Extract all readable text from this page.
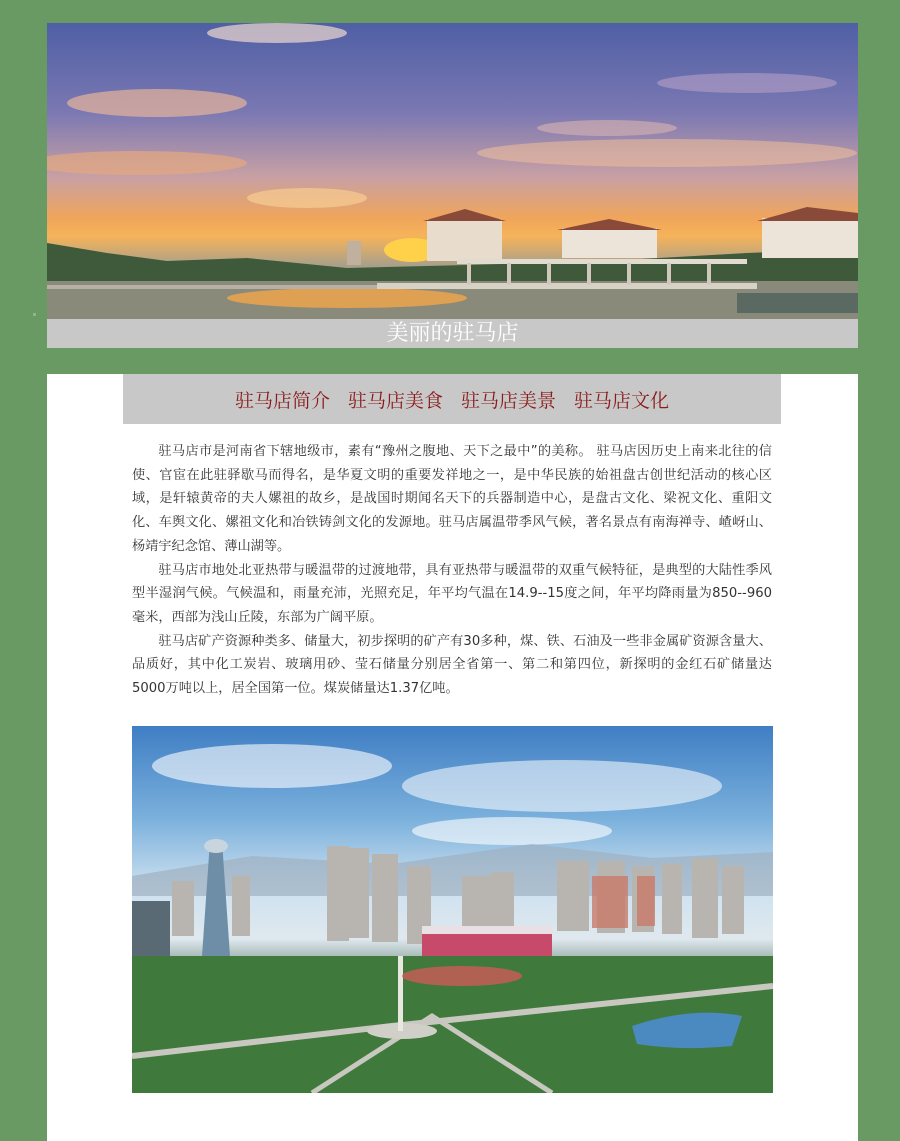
美丽的驻马店
驻马店简介 驻马店美食 驻马店美景 驻马店文化

驻马店市是河南省下辖地级市，素有“豫州之腹地、天下之最中”的美称。 驻马店因历史上南来北往的信使、官宦在此驻驿歇马而得名，是华夏文明的重要发祥地之一，是中华民族的始祖盘古创世纪活动的核心区域，是轩辕黄帝的夫人嫘祖的故乡，是战国时期闻名天下的兵器制造中心，是盘古文化、梁祝文化、重阳文化、车舆文化、嫘祖文化和冶铁铸剑文化的发源地。驻马店属温带季风气候，著名景点有南海禅寺、嵖岈山、杨靖宇纪念馆、薄山湖等。

驻马店市地处北亚热带与暖温带的过渡地带，具有亚热带与暖温带的双重气候特征，是典型的大陆性季风型半湿润气候。气候温和，雨量充沛，光照充足，年平均气温在14.9--15度之间，年平均降雨量为850--960毫米，西部为浅山丘陵，东部为广阔平原。

驻马店矿产资源种类多、储量大，初步探明的矿产有30多种，煤、铁、石油及一些非金属矿资源含量大、品质好，其中化工炭岩、玻璃用砂、莹石储量分别居全省第一、第二和第四位，新探明的金红石矿储量达5000万吨以上，居全国第一位。煤炭储量达1.37亿吨。
